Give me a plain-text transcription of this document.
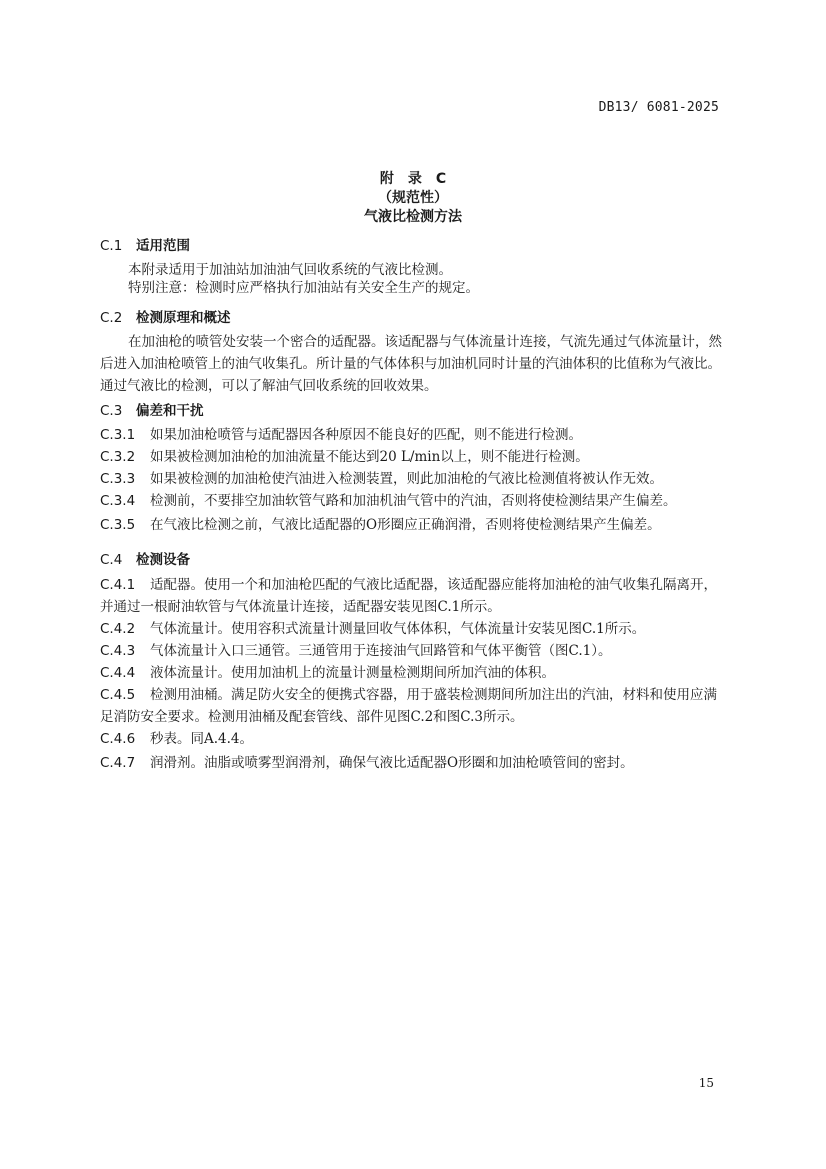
DB13/ 6081-2025
附　录　C
（规范性）
气液比检测方法
C.1 适用范围
本附录适用于加油站加油油气回收系统的气液比检测。
特别注意：检测时应严格执行加油站有关安全生产的规定。
C.2 检测原理和概述
在加油枪的喷管处安装一个密合的适配器。该适配器与气体流量计连接，气流先通过气体流量计，然后进入加油枪喷管上的油气收集孔。所计量的气体体积与加油机同时计量的汽油体积的比值称为气液比。通过气液比的检测，可以了解油气回收系统的回收效果。
C.3 偏差和干扰
C.3.1 如果加油枪喷管与适配器因各种原因不能良好的匹配，则不能进行检测。
C.3.2 如果被检测加油枪的加油流量不能达到20 L/min以上，则不能进行检测。
C.3.3 如果被检测的加油枪使汽油进入检测装置，则此加油枪的气液比检测值将被认作无效。
C.3.4 检测前，不要排空加油软管气路和加油机油气管中的汽油，否则将使检测结果产生偏差。
C.3.5 在气液比检测之前，气液比适配器的O形圈应正确润滑，否则将使检测结果产生偏差。
C.4 检测设备
C.4.1 适配器。使用一个和加油枪匹配的气液比适配器，该适配器应能将加油枪的油气收集孔隔离开，并通过一根耐油软管与气体流量计连接，适配器安装见图C.1所示。
C.4.2 气体流量计。使用容积式流量计测量回收气体体积，气体流量计安装见图C.1所示。
C.4.3 气体流量计入口三通管。三通管用于连接油气回路管和气体平衡管（图C.1）。
C.4.4 液体流量计。使用加油机上的流量计测量检测期间所加汽油的体积。
C.4.5 检测用油桶。满足防火安全的便携式容器，用于盛装检测期间所加注出的汽油，材料和使用应满足消防安全要求。检测用油桶及配套管线、部件见图C.2和图C.3所示。
C.4.6 秒表。同A.4.4。
C.4.7 润滑剂。油脂或喷雾型润滑剂，确保气液比适配器O形圈和加油枪喷管间的密封。
15
